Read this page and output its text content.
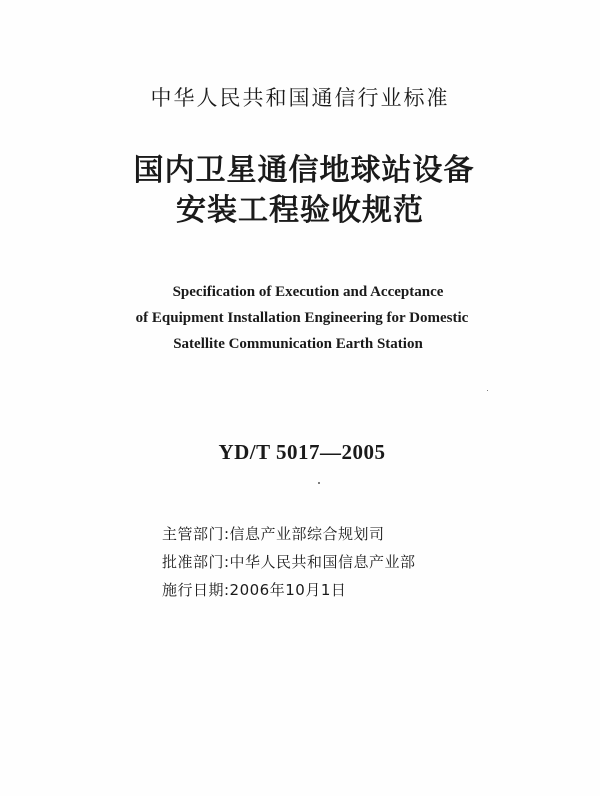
中华人民共和国通信行业标准
国内卫星通信地球站设备
安装工程验收规范
Specification of Execution and Acceptance
of Equipment Installation Engineering for Domestic
Satellite Communication Earth Station
YD/T 5017—2005
主管部门:信息产业部综合规划司
批准部门:中华人民共和国信息产业部
施行日期:2006年10月1日
